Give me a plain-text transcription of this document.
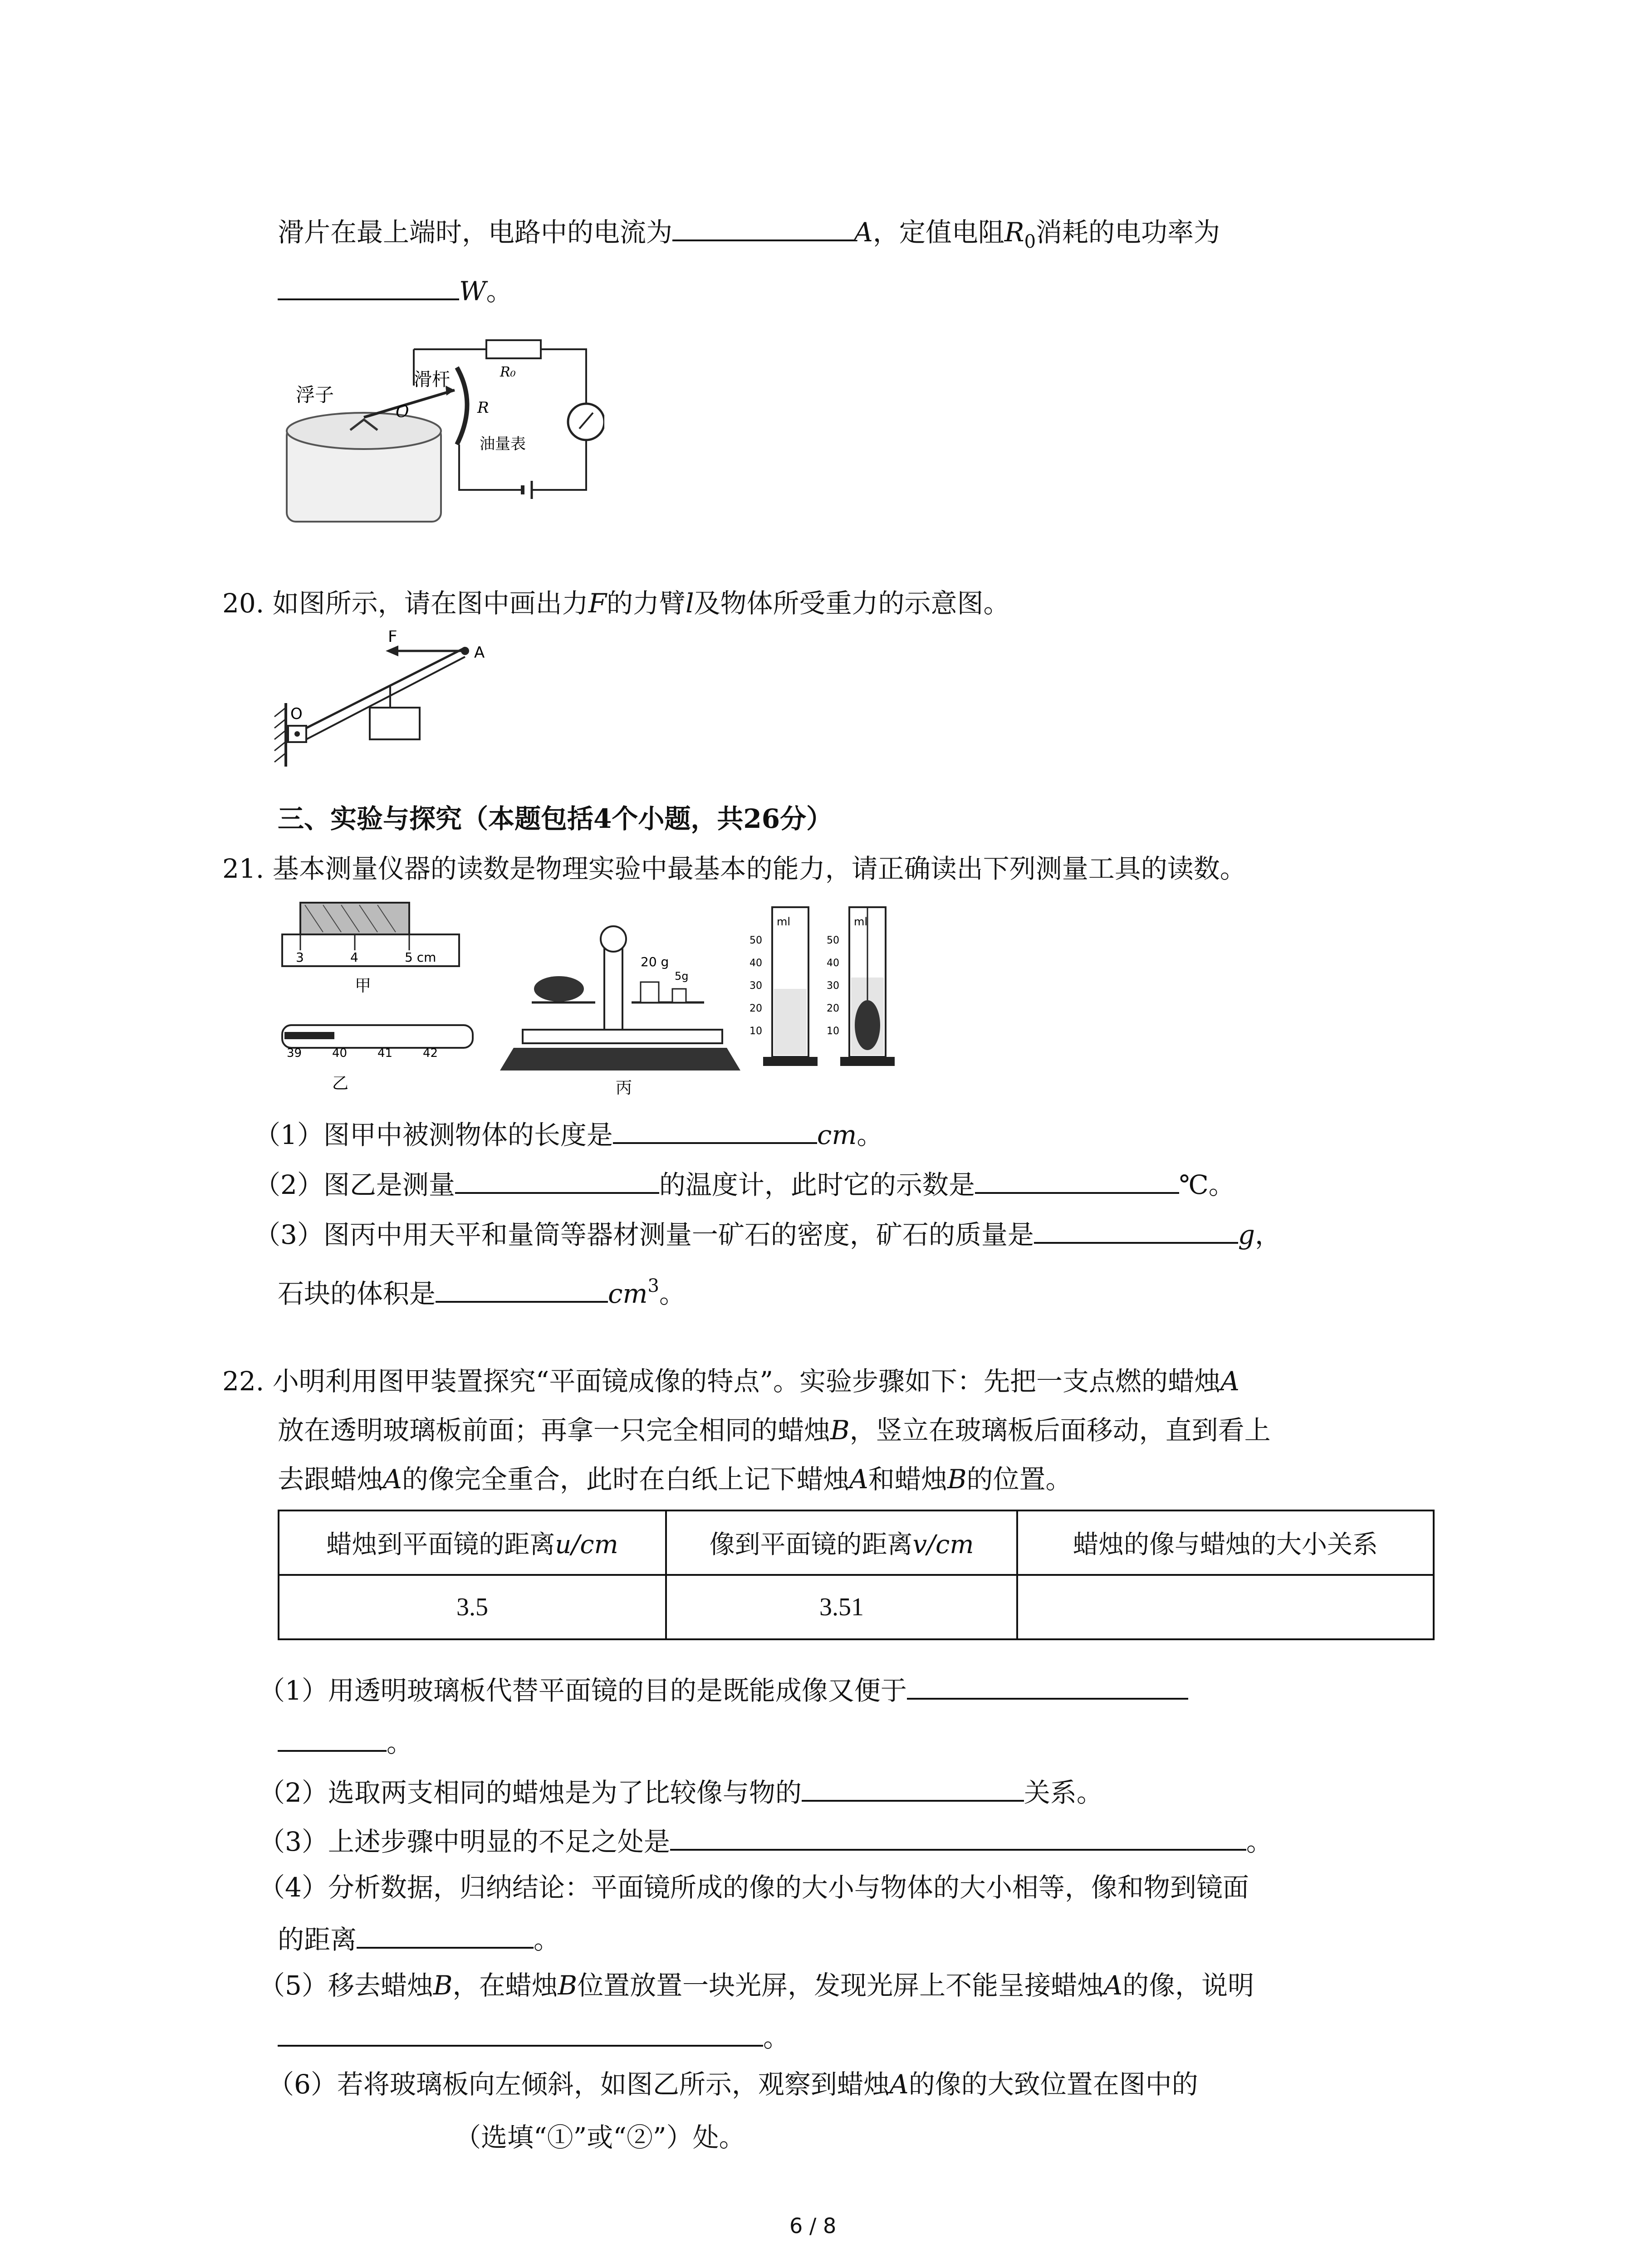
滑片在最上端时，电路中的电流为	A，定值电阻$R_0$消耗的电功率为
W。
浮子
滑杆
O	R
R₀
油量表
20. 如图所示，请在图中画出力F的力臂l及物体所受重力的示意图。
F
A
O
三、实验与探究（本题包括4个小题，共26分）
21. 基本测量仪器的读数是物理实验中最基本的能力，请正确读出下列测量工具的读数。
3	4	5 cm
甲
39	40	41	42
乙
20 g
5g
丙
ml
50
40
30
20
10
ml
50
40
30
20
10
（1）图甲中被测物体的长度是	cm。
（2）图乙是测量	的温度计，此时它的示数是	℃。
（3）图丙中用天平和量筒等器材测量一矿石的密度，矿石的质量是	g，
石块的体积是	$cm^3$。
22. 小明利用图甲装置探究“平面镜成像的特点”。实验步骤如下：先把一支点燃的蜡烛A
放在透明玻璃板前面；再拿一只完全相同的蜡烛B，竖立在玻璃板后面移动，直到看上
去跟蜡烛A的像完全重合，此时在白纸上记下蜡烛A和蜡烛B的位置。
蜡烛到平面镜的距离u/cm	像到平面镜的距离v/cm	蜡烛的像与蜡烛的大小关系
3.5	3.51	
（1）用透明玻璃板代替平面镜的目的是既能成像又便于
。
（2）选取两支相同的蜡烛是为了比较像与物的	关系。
（3）上述步骤中明显的不足之处是	。
（4）分析数据，归纳结论：平面镜所成的像的大小与物体的大小相等，像和物到镜面
的距离	。
（5）移去蜡烛B，在蜡烛B位置放置一块光屏，发现光屏上不能呈接蜡烛A的像，说明
。
（6）若将玻璃板向左倾斜，如图乙所示，观察到蜡烛A的像的大致位置在图中的
（选填“①”或“②”）处。
6 / 8
